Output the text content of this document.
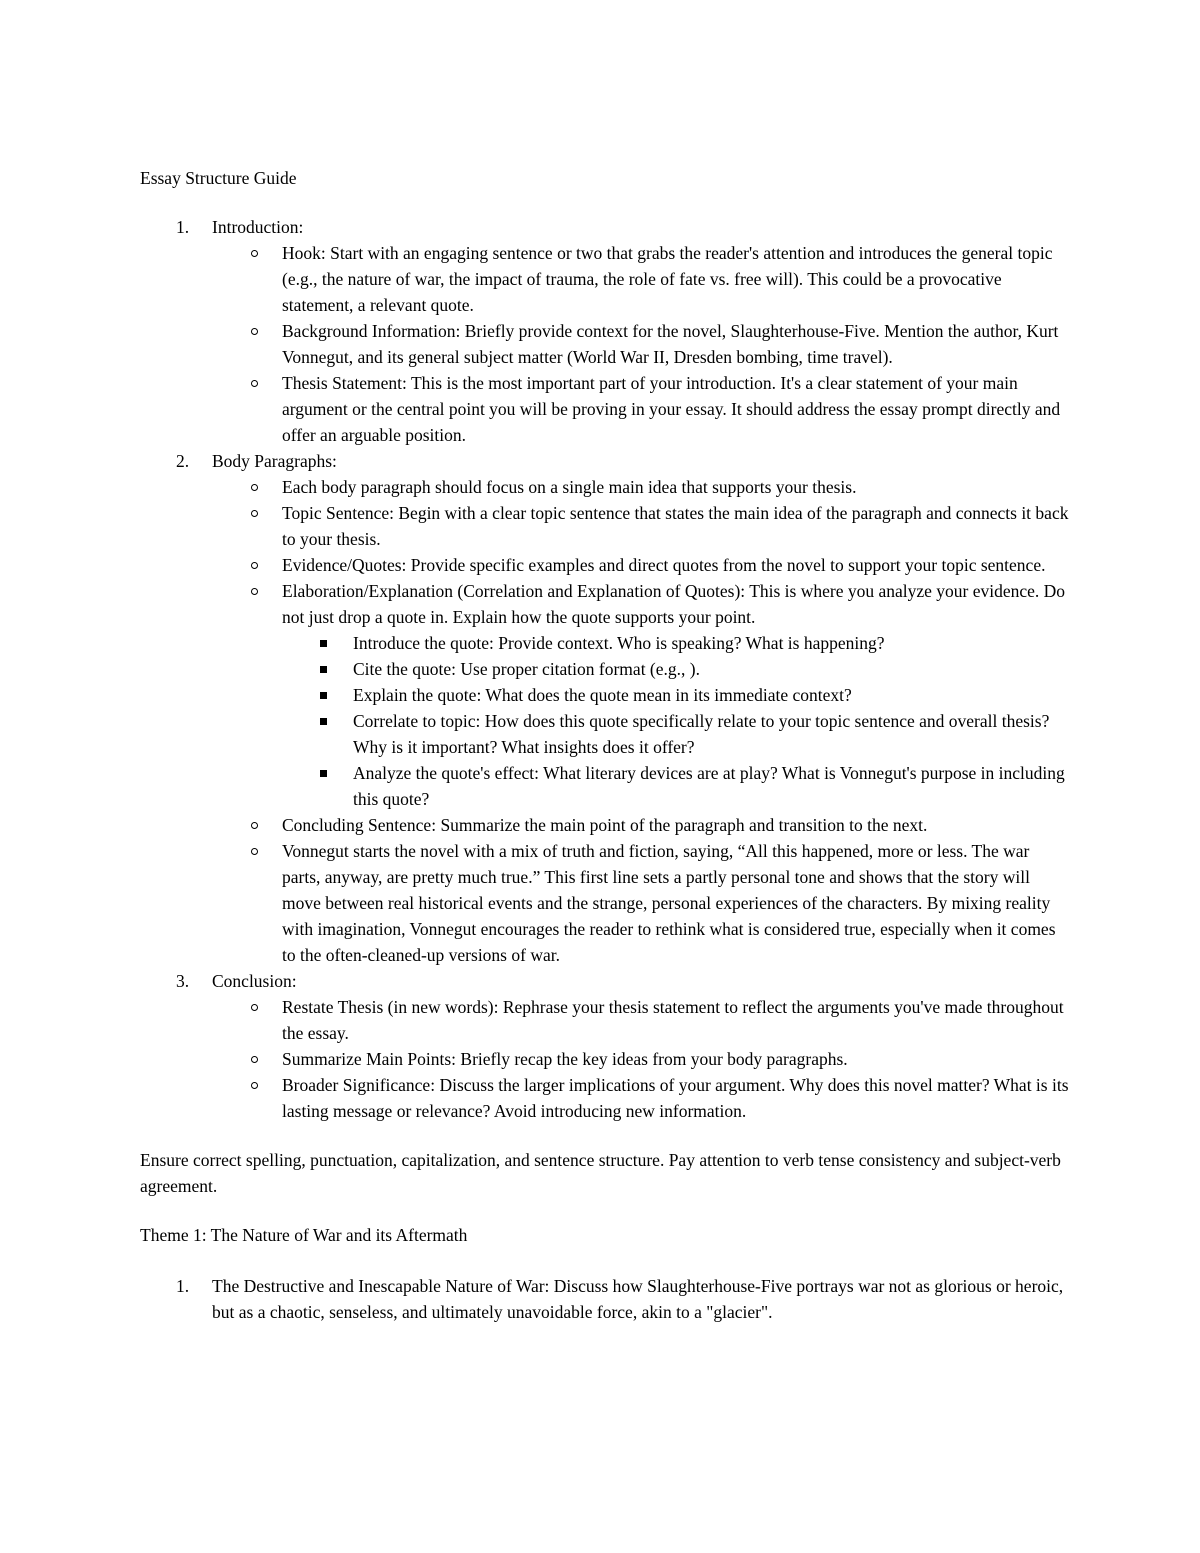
Essay Structure Guide
1. Introduction:
Hook: Start with an engaging sentence or two that grabs the reader's attention and introduces the general topic (e.g., the nature of war, the impact of trauma, the role of fate vs. free will). This could be a provocative statement, a relevant quote.
Background Information: Briefly provide context for the novel, Slaughterhouse-Five. Mention the author, Kurt Vonnegut, and its general subject matter (World War II, Dresden bombing, time travel).
Thesis Statement: This is the most important part of your introduction. It's a clear statement of your main argument or the central point you will be proving in your essay. It should address the essay prompt directly and offer an arguable position.
2. Body Paragraphs:
Each body paragraph should focus on a single main idea that supports your thesis.
Topic Sentence: Begin with a clear topic sentence that states the main idea of the paragraph and connects it back to your thesis.
Evidence/Quotes: Provide specific examples and direct quotes from the novel to support your topic sentence.
Elaboration/Explanation (Correlation and Explanation of Quotes): This is where you analyze your evidence. Do not just drop a quote in. Explain how the quote supports your point.
Introduce the quote: Provide context. Who is speaking? What is happening?
Cite the quote: Use proper citation format (e.g., ).
Explain the quote: What does the quote mean in its immediate context?
Correlate to topic: How does this quote specifically relate to your topic sentence and overall thesis? Why is it important? What insights does it offer?
Analyze the quote's effect: What literary devices are at play? What is Vonnegut's purpose in including this quote?
Concluding Sentence: Summarize the main point of the paragraph and transition to the next.
Vonnegut starts the novel with a mix of truth and fiction, saying, “All this happened, more or less. The war parts, anyway, are pretty much true.” This first line sets a partly personal tone and shows that the story will move between real historical events and the strange, personal experiences of the characters. By mixing reality with imagination, Vonnegut encourages the reader to rethink what is considered true, especially when it comes to the often-cleaned-up versions of war.
3. Conclusion:
Restate Thesis (in new words): Rephrase your thesis statement to reflect the arguments you've made throughout the essay.
Summarize Main Points: Briefly recap the key ideas from your body paragraphs.
Broader Significance: Discuss the larger implications of your argument. Why does this novel matter? What is its lasting message or relevance? Avoid introducing new information.

Ensure correct spelling, punctuation, capitalization, and sentence structure. Pay attention to verb tense consistency and subject-verb agreement.

Theme 1: The Nature of War and its Aftermath

1. The Destructive and Inescapable Nature of War: Discuss how Slaughterhouse-Five portrays war not as glorious or heroic, but as a chaotic, senseless, and ultimately unavoidable force, akin to a "glacier".
